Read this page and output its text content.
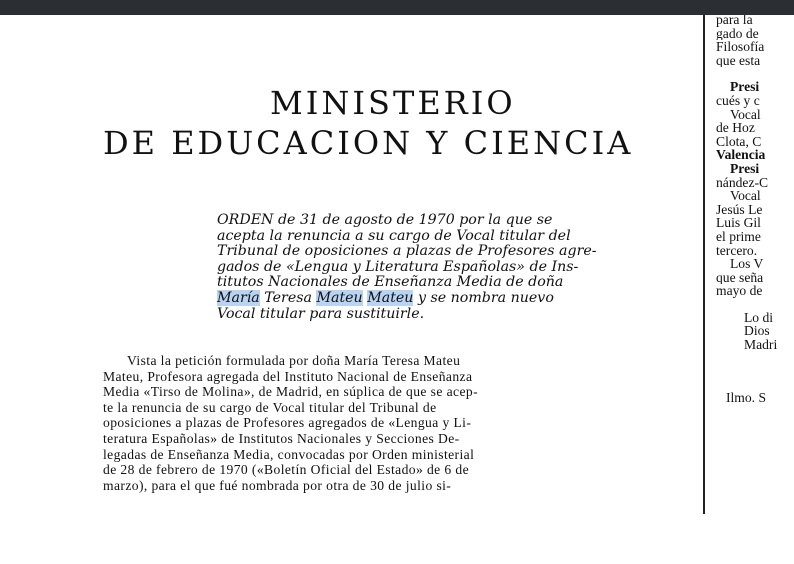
MINISTERIO
DE EDUCACION Y CIENCIA
ORDEN de 31 de agosto de 1970 por la que se
acepta la renuncia a su cargo de Vocal titular del
Tribunal de oposiciones a plazas de Profesores agre-
gados de «Lengua y Literatura Españolas» de Ins-
titutos Nacionales de Enseñanza Media de doña
María Teresa Mateu Mateu y se nombra nuevo
Vocal titular para sustituirle.
Vista la petición formulada por doña María Teresa Mateu
Mateu, Profesora agregada del Instituto Nacional de Enseñanza
Media «Tirso de Molina», de Madrid, en súplica de que se acep-
te la renuncia de su cargo de Vocal titular del Tribunal de
oposiciones a plazas de Profesores agregados de «Lengua y Li-
teratura Españolas» de Institutos Nacionales y Secciones De-
legadas de Enseñanza Media, convocadas por Orden ministerial
de 28 de febrero de 1970 («Boletín Oficial del Estado» de 6 de
marzo), para el que fué nombrada por otra de 30 de julio si-
para la
gado de
Filosofía
que esta
Presi
cués y c
Vocal
de Hoz
Clota, C
Valencia
Presi
nández-C
Vocal
Jesús Le
Luis Gil
el prime
tercero.
Los V
que seña
mayo de
Lo di
Dios
Madri
Ilmo. S
